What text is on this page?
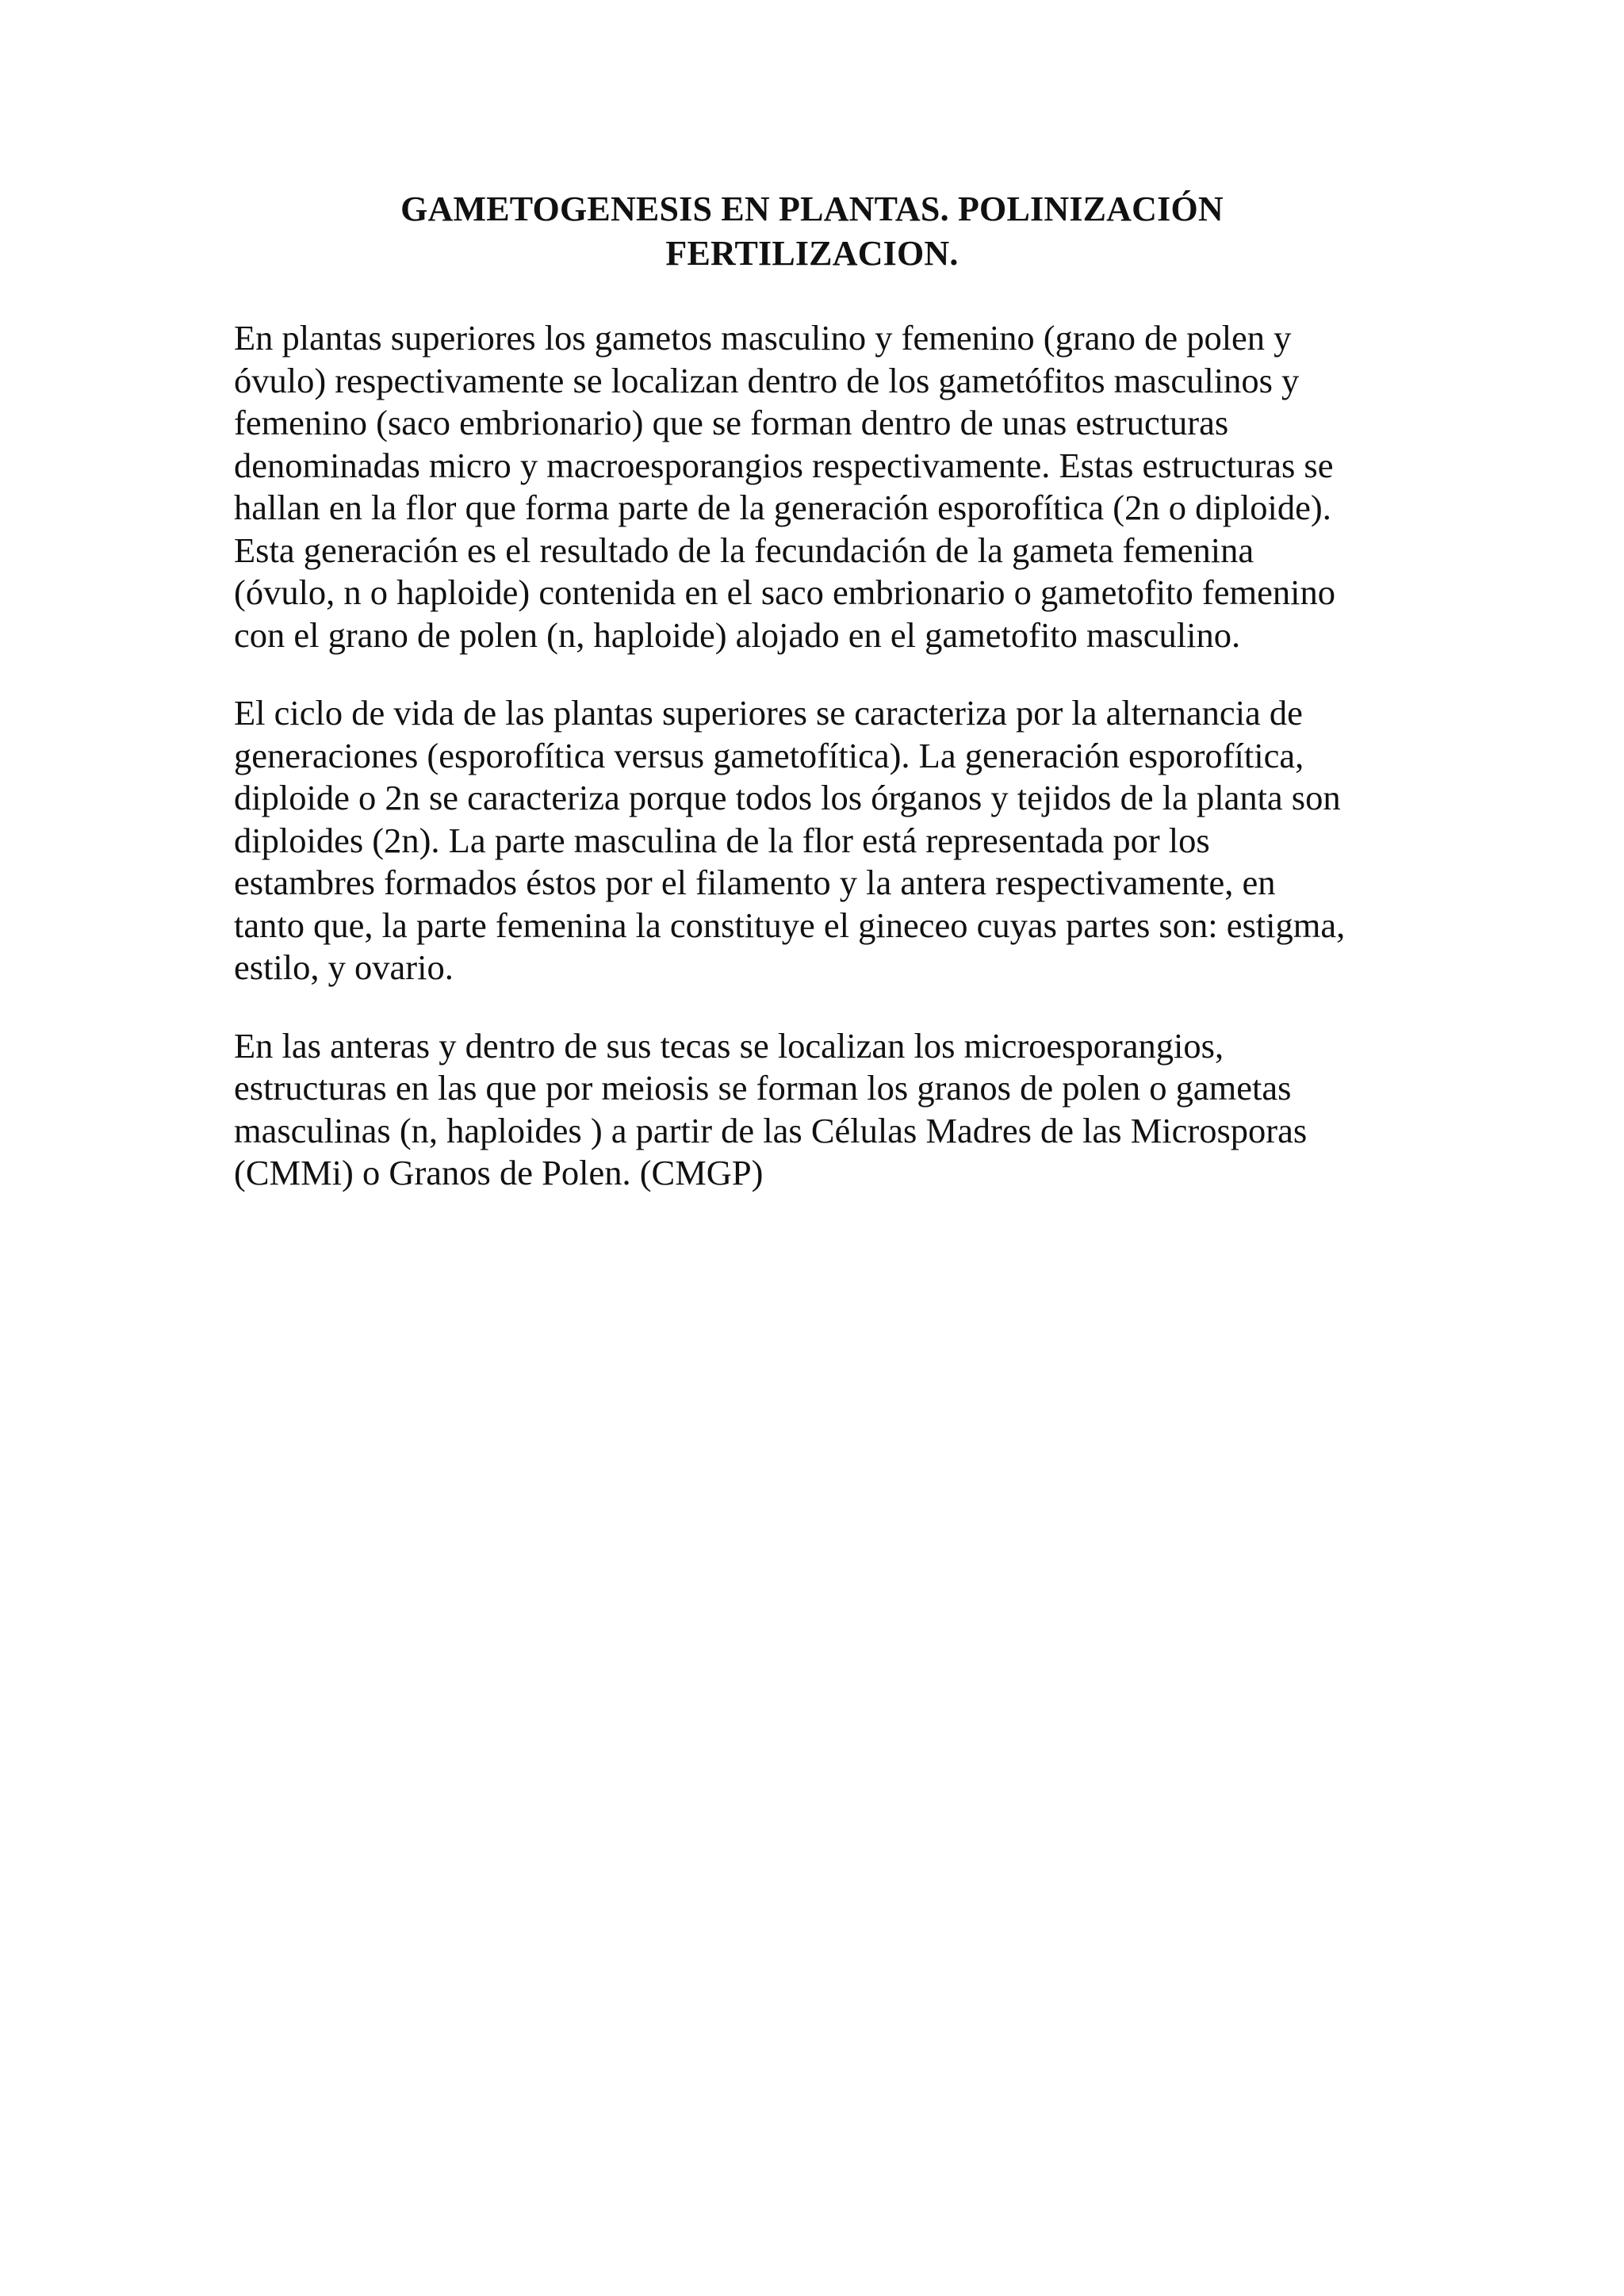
GAMETOGENESIS EN PLANTAS. POLINIZACIÓN
FERTILIZACION.

En plantas superiores los gametos masculino y femenino (grano de polen y
óvulo) respectivamente se localizan dentro de los gametófitos masculinos y
femenino (saco embrionario) que se forman dentro de unas estructuras
denominadas micro y macroesporangios respectivamente. Estas estructuras se
hallan en la flor que forma parte de la generación esporofítica (2n o diploide).
Esta generación es el resultado de la fecundación de la gameta femenina
(óvulo, n o haploide) contenida en el saco embrionario o gametofito femenino
con el grano de polen (n, haploide) alojado en el gametofito masculino.

El ciclo de vida de las plantas superiores se caracteriza por la alternancia de
generaciones (esporofítica versus gametofítica). La generación esporofítica,
diploide o 2n se caracteriza porque todos los órganos y tejidos de la planta son
diploides (2n). La parte masculina de la flor está representada por los
estambres formados éstos por el filamento y la antera respectivamente, en
tanto que, la parte femenina la constituye el gineceo cuyas partes son: estigma,
estilo, y ovario.

En las anteras y dentro de sus tecas se localizan los microesporangios,
estructuras en las que por meiosis se forman los granos de polen o gametas
masculinas (n, haploides ) a partir de las Células Madres de las Microsporas
(CMMi) o Granos de Polen. (CMGP)
